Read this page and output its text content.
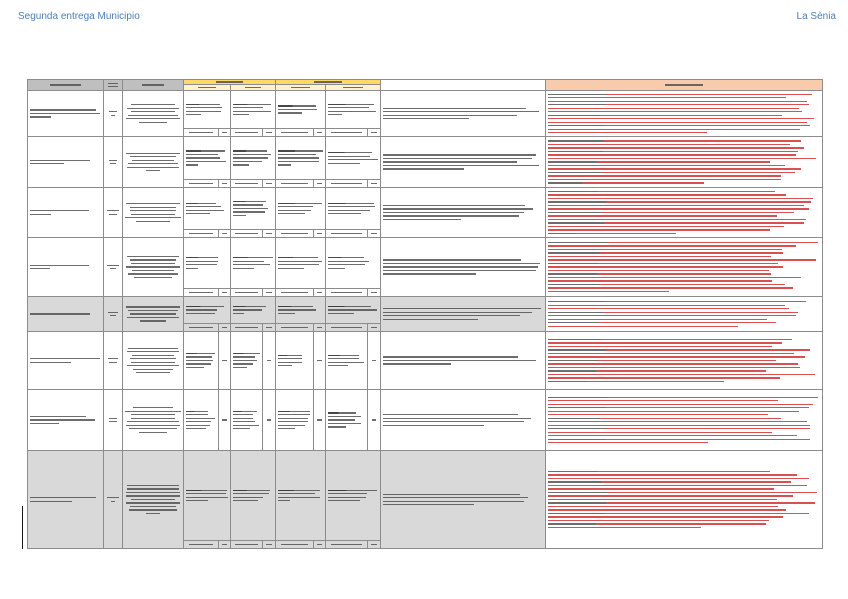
Segunda entrega Municipio	La Sènia
